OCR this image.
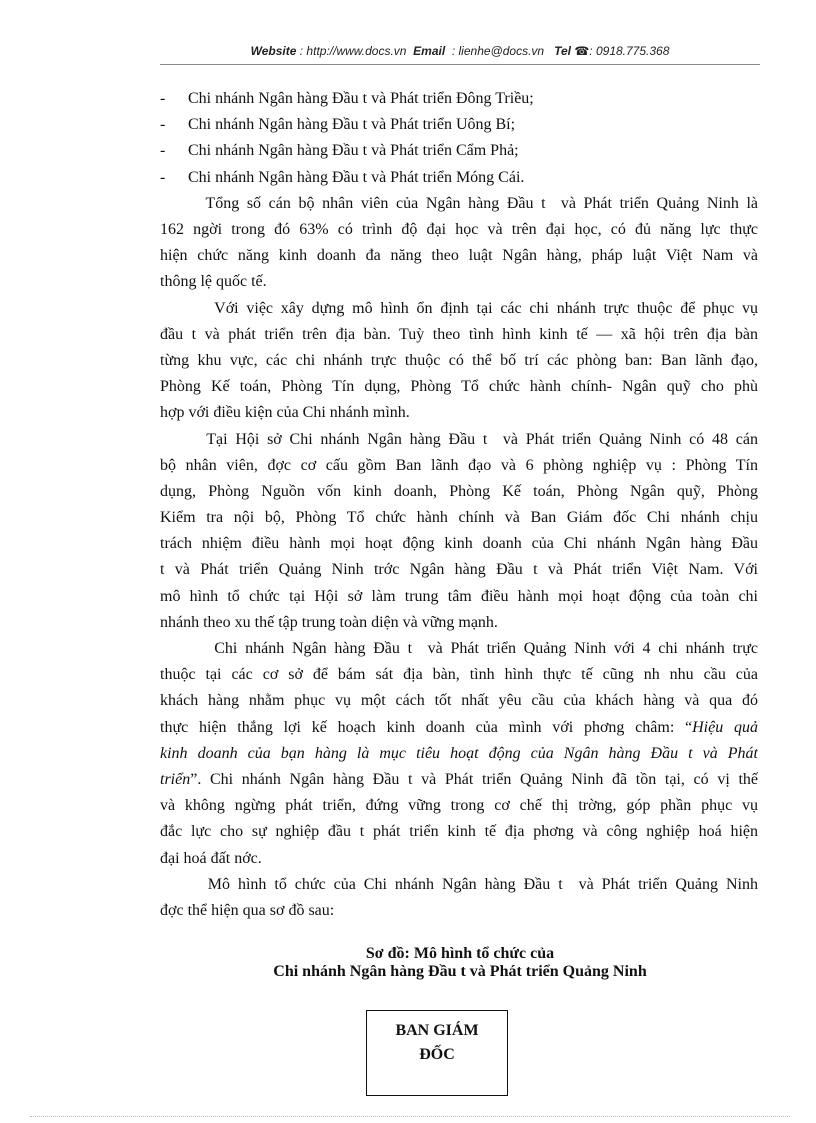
Website : http://www.docs.vn Email : lienhe@docs.vn Tel ☎: 0918.775.368
- Chi nhánh Ngân hàng Đầu t và Phát triển Đông Triều;
- Chi nhánh Ngân hàng Đầu t và Phát triển Uông Bí;
- Chi nhánh Ngân hàng Đầu t và Phát triển Cẩm Phả;
- Chi nhánh Ngân hàng Đầu t và Phát triển Móng Cái.
Tổng số cán bộ nhân viên của Ngân hàng Đầu t  và Phát triển Quảng Ninh là
162 ngời trong đó 63% có trình độ đại học và trên đại học, có đủ năng lực thực
hiện chức năng kinh doanh đa năng theo luật Ngân hàng, pháp luật Việt Nam và
thông lệ quốc tế.
Với việc xây dựng mô hình ổn định tại các chi nhánh trực thuộc để phục vụ
đầu t và phát triển trên địa bàn. Tuỳ theo tình hình kinh tế — xã hội trên địa bàn
từng khu vực, các chi nhánh trực thuộc có thể bố trí các phòng ban: Ban lãnh đạo,
Phòng Kế toán, Phòng Tín dụng, Phòng Tổ chức hành chính- Ngân quỹ cho phù
hợp với điều kiện của Chi nhánh mình.
Tại Hội sở Chi nhánh Ngân hàng Đầu t  và Phát triển Quảng Ninh có 48 cán
bộ nhân viên, đợc cơ cấu gồm Ban lãnh đạo và 6 phòng nghiệp vụ : Phòng Tín
dụng, Phòng Nguồn vốn kinh doanh, Phòng Kế toán, Phòng Ngân quỹ, Phòng
Kiểm tra nội bộ, Phòng Tổ chức hành chính và Ban Giám đốc Chi nhánh chịu
trách nhiệm điều hành mọi hoạt động kinh doanh của Chi nhánh Ngân hàng Đầu
t và Phát triển Quảng Ninh trớc Ngân hàng Đầu t và Phát triển Việt Nam. Với
mô hình tổ chức tại Hội sở làm trung tâm điều hành mọi hoạt động của toàn chi
nhánh theo xu thế tập trung toàn diện và vững mạnh.
Chi nhánh Ngân hàng Đầu t  và Phát triển Quảng Ninh với 4 chi nhánh trực
thuộc tại các cơ sở để bám sát địa bàn, tình hình thực tế cũng nh nhu cầu của
khách hàng nhằm phục vụ một cách tốt nhất yêu cầu của khách hàng và qua đó
thực hiện thắng lợi kế hoạch kinh doanh của mình với phơng châm: “Hiệu quả
kinh doanh của bạn hàng là mục tiêu hoạt động của Ngân hàng Đầu t và Phát
triển”. Chi nhánh Ngân hàng Đầu t và Phát triển Quảng Ninh đã tồn tại, có vị thế
và không ngừng phát triển, đứng vững trong cơ chế thị trờng, góp phần phục vụ
đắc lực cho sự nghiệp đầu t phát triển kinh tế địa phơng và công nghiệp hoá hiện
đại hoá đất nớc.
Mô hình tổ chức của Chi nhánh Ngân hàng Đầu t  và Phát triển Quảng Ninh
đợc thể hiện qua sơ đồ sau:
Sơ đồ: Mô hình tổ chức của
Chi nhánh Ngân hàng Đầu t và Phát triển Quảng Ninh
BAN GIÁM
ĐỐC
